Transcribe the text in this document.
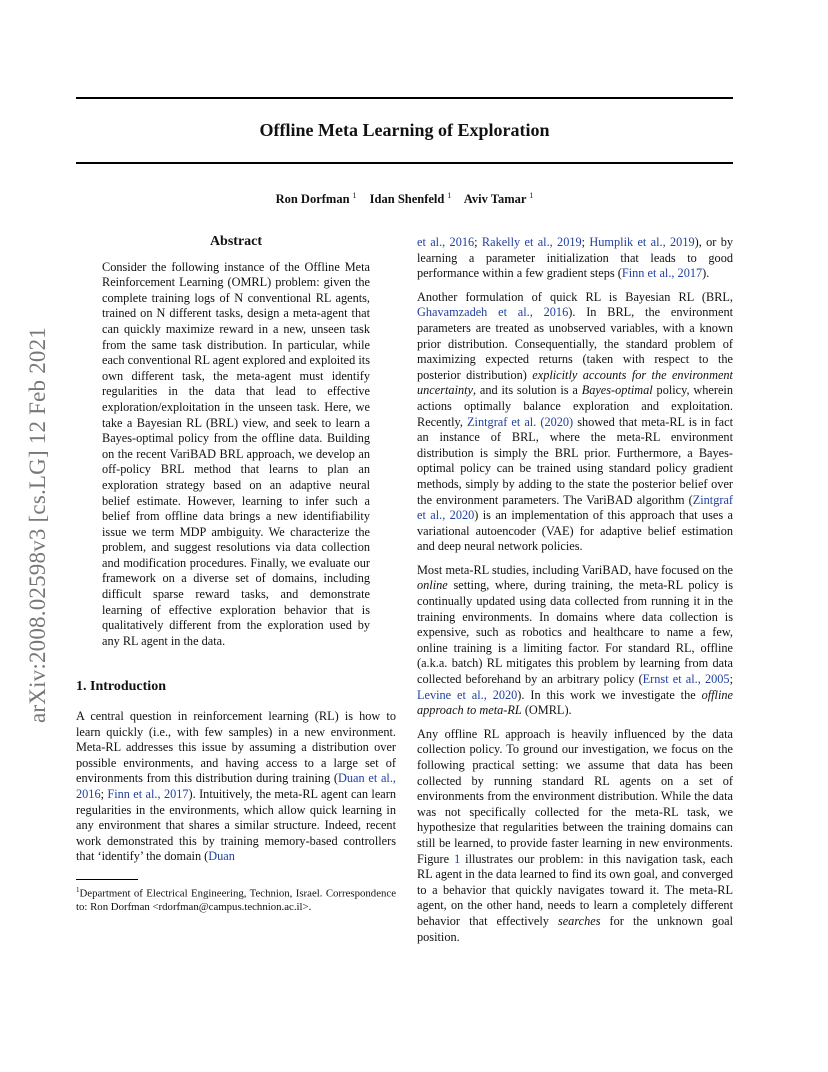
arXiv:2008.02598v3 [cs.LG] 12 Feb 2021
Offline Meta Learning of Exploration
Ron Dorfman $^1$ Idan Shenfeld $^1$ Aviv Tamar $^1$
Abstract
Consider the following instance of the Offline Meta Reinforcement Learning (OMRL) problem: given the complete training logs of N conventional RL agents, trained on N different tasks, design a meta-agent that can quickly maximize reward in a new, unseen task from the same task distribution. In particular, while each conventional RL agent explored and exploited its own different task, the meta-agent must identify regularities in the data that lead to effective exploration/exploitation in the unseen task. Here, we take a Bayesian RL (BRL) view, and seek to learn a Bayes-optimal policy from the offline data. Building on the recent VariBAD BRL approach, we develop an off-policy BRL method that learns to plan an exploration strategy based on an adaptive neural belief estimate. However, learning to infer such a belief from offline data brings a new identifiability issue we term MDP ambiguity. We characterize the problem, and suggest resolutions via data collection and modification procedures. Finally, we evaluate our framework on a diverse set of domains, including difficult sparse reward tasks, and demonstrate learning of effective exploration behavior that is qualitatively different from the exploration used by any RL agent in the data.
1. Introduction

A central question in reinforcement learning (RL) is how to learn quickly (i.e., with few samples) in a new environment. Meta-RL addresses this issue by assuming a distribution over possible environments, and having access to a large set of environments from this distribution during training (Duan et al., 2016; Finn et al., 2017). Intuitively, the meta-RL agent can learn regularities in the environments, which allow quick learning in any environment that shares a similar structure. Indeed, recent work demonstrated this by training memory-based controllers that ‘identify’ the domain (Duan

$^1$Department of Electrical Engineering, Technion, Israel. Correspondence to: Ron Dorfman <rdorfman@campus.technion.ac.il>.

et al., 2016; Rakelly et al., 2019; Humplik et al., 2019), or by learning a parameter initialization that leads to good performance within a few gradient steps (Finn et al., 2017).

Another formulation of quick RL is Bayesian RL (BRL, Ghavamzadeh et al., 2016). In BRL, the environment parameters are treated as unobserved variables, with a known prior distribution. Consequentially, the standard problem of maximizing expected returns (taken with respect to the posterior distribution) explicitly accounts for the environment uncertainty, and its solution is a Bayes-optimal policy, wherein actions optimally balance exploration and exploitation. Recently, Zintgraf et al. (2020) showed that meta-RL is in fact an instance of BRL, where the meta-RL environment distribution is simply the BRL prior. Furthermore, a Bayes-optimal policy can be trained using standard policy gradient methods, simply by adding to the state the posterior belief over the environment parameters. The VariBAD algorithm (Zintgraf et al., 2020) is an implementation of this approach that uses a variational autoencoder (VAE) for adaptive belief estimation and deep neural network policies.

Most meta-RL studies, including VariBAD, have focused on the online setting, where, during training, the meta-RL policy is continually updated using data collected from running it in the training environments. In domains where data collection is expensive, such as robotics and healthcare to name a few, online training is a limiting factor. For standard RL, offline (a.k.a. batch) RL mitigates this problem by learning from data collected beforehand by an arbitrary policy (Ernst et al., 2005; Levine et al., 2020). In this work we investigate the offline approach to meta-RL (OMRL).

Any offline RL approach is heavily influenced by the data collection policy. To ground our investigation, we focus on the following practical setting: we assume that data has been collected by running standard RL agents on a set of environments from the environment distribution. While the data was not specifically collected for the meta-RL task, we hypothesize that regularities between the training domains can still be learned, to provide faster learning in new environments. Figure 1 illustrates our problem: in this navigation task, each RL agent in the data learned to find its own goal, and converged to a behavior that quickly navigates toward it. The meta-RL agent, on the other hand, needs to learn a completely different behavior that effectively searches for the unknown goal position.
